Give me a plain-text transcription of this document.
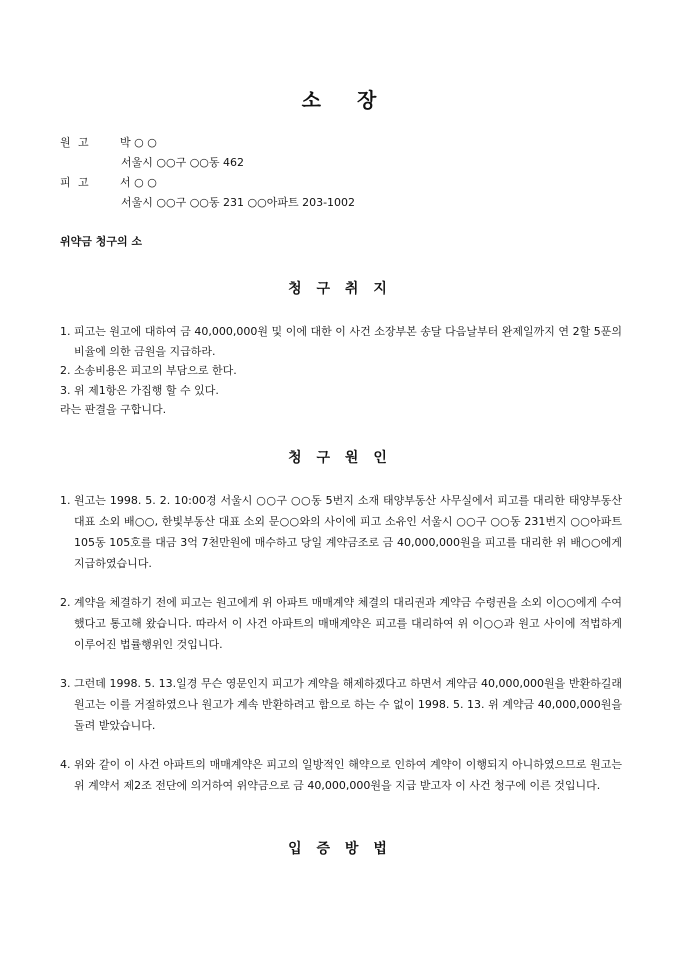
소 장
원 고	박 ○ ○
서울시 ○○구 ○○동 462
피 고	서 ○ ○
서울시 ○○구 ○○동 231 ○○아파트 203-1002
위약금 청구의 소
청 구 취 지
1. 피고는 원고에 대하여 금 40,000,000원 및 이에 대한 이 사건 소장부본 송달 다음날부터 완제일까지 연 2할 5푼의 비율에 의한 금원을 지급하라.
2. 소송비용은 피고의 부담으로 한다.
3. 위 제1항은 가집행 할 수 있다.
라는 판결을 구합니다.
청 구 원 인
1. 원고는 1998. 5. 2. 10:00경 서울시 ○○구 ○○동 5번지 소재 태양부동산 사무실에서 피고를 대리한 태양부동산 대표 소외 배○○, 한빛부동산 대표 소외 문○○와의 사이에 피고 소유인 서울시 ○○구 ○○동 231번지 ○○아파트 105동 105호를 대금 3억 7천만원에 매수하고 당일 계약금조로 금 40,000,000원을 피고를 대리한 위 배○○에게 지급하였습니다.
2. 계약을 체결하기 전에 피고는 원고에게 위 아파트 매매계약 체결의 대리권과 계약금 수령권을 소외 이○○에게 수여했다고 통고해 왔습니다. 따라서 이 사건 아파트의 매매계약은 피고를 대리하여 위 이○○과 원고 사이에 적법하게 이루어진 법률행위인 것입니다.
3. 그런데 1998. 5. 13.일경 무슨 영문인지 피고가 계약을 해제하겠다고 하면서 계약금 40,000,000원을 반환하길래 원고는 이를 거절하였으나 원고가 계속 반환하려고 함으로 하는 수 없이 1998. 5. 13. 위 계약금 40,000,000원을 돌려 받았습니다.
4. 위와 같이 이 사건 아파트의 매매계약은 피고의 일방적인 해약으로 인하여 계약이 이행되지 아니하였으므로 원고는 위 계약서 제2조 전단에 의거하여 위약금으로 금 40,000,000원을 지급 받고자 이 사건 청구에 이른 것입니다.
입 증 방 법
